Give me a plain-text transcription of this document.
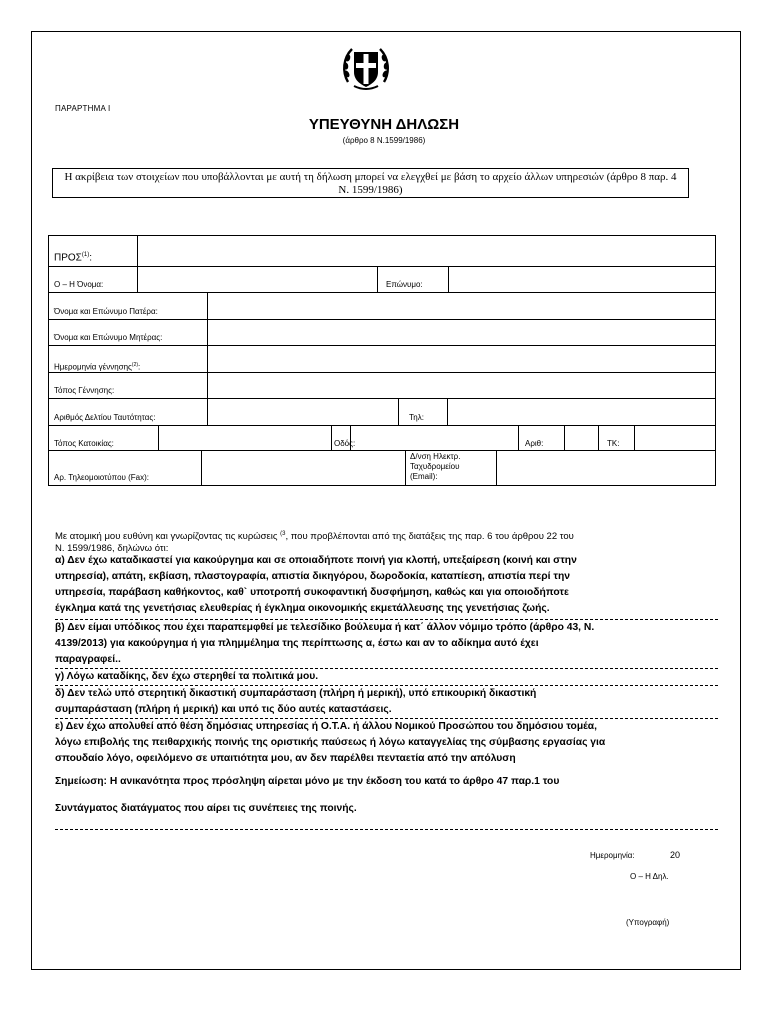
ΠΑΡΑΡΤΗΜΑ Ι
ΥΠΕΥΘΥΝΗ ΔΗΛΩΣΗ
(άρθρο 8 Ν.1599/1986)
Η ακρίβεια των στοιχείων που υποβάλλονται με αυτή τη δήλωση μπορεί να ελεγχθεί με βάση το αρχείο άλλων υπηρεσιών (άρθρο 8 παρ. 4 Ν. 1599/1986)
ΠΡΟΣ$^{(1)}$:
Ο – Η Όνομα:	Επώνυμο:
Όνομα και Επώνυμο Πατέρα:
Όνομα και Επώνυμο Μητέρας:
Ημερομηνία γέννησης$^{(2)}$:
Τόπος Γέννησης:
Αριθμός Δελτίου Ταυτότητας:	Τηλ:
Τόπος Κατοικίας:	Οδός:	Αριθ:	ΤΚ:
Αρ. Τηλεομοιοτύπου (Fax):
Δ/νση Ηλεκτρ.
Ταχυδρομείου
(Email):
Με ατομική μου ευθύνη και γνωρίζοντας τις κυρώσεις $^{(3}$, που προβλέπονται από της διατάξεις της παρ. 6 του άρθρου 22 του
Ν. 1599/1986, δηλώνω ότι:
α) Δεν έχω καταδικαστεί για κακούργημα και σε οποιαδήποτε ποινή για κλοπή, υπεξαίρεση (κοινή και στην
υπηρεσία), απάτη, εκβίαση, πλαστογραφία, απιστία δικηγόρου, δωροδοκία, καταπίεση, απιστία περί την
υπηρεσία, παράβαση καθήκοντος, καθ` υποτροπή συκοφαντική δυσφήμηση, καθώς και για οποιοδήποτε
έγκλημα κατά της γενετήσιας ελευθερίας ή έγκλημα οικονομικής εκμετάλλευσης της γενετήσιας ζωής.
β) Δεν είμαι υπόδικος που έχει παραπεμφθεί με τελεσίδικο βούλευμα ή κατ΄ άλλον νόμιμο τρόπο (άρθρο 43, Ν.
4139/2013) για κακούργημα ή για πλημμέλημα της περίπτωσης α, έστω και αν το αδίκημα αυτό έχει
παραγραφεί..
γ) Λόγω καταδίκης, δεν έχω στερηθεί τα πολιτικά μου.
δ) Δεν τελώ υπό στερητική δικαστική συμπαράσταση (πλήρη ή μερική), υπό επικουρική δικαστική
συμπαράσταση (πλήρη ή μερική) και υπό τις δύο αυτές καταστάσεις.
ε) Δεν έχω απολυθεί από θέση δημόσιας υπηρεσίας ή Ο.Τ.Α. ή άλλου Νομικού Προσώπου του δημόσιου τομέα,
λόγω επιβολής της πειθαρχικής ποινής της οριστικής παύσεως ή λόγω καταγγελίας της σύμβασης εργασίας για
σπουδαίο λόγο, οφειλόμενο σε υπαιτιότητα μου, αν δεν παρέλθει πενταετία από την απόλυση
Σημείωση: Η ανικανότητα προς πρόσληψη αίρεται μόνο με την έκδοση του κατά το άρθρο 47 παρ.1 του
Συντάγματος διατάγματος που αίρει τις συνέπειες της ποινής.
Ημερομηνία:	20
Ο – Η Δηλ.
(Υπογραφή)
